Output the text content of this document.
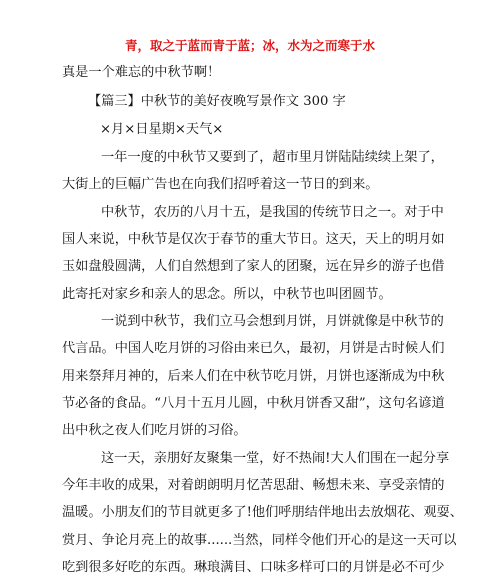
青，取之于蓝而青于蓝；冰，水为之而寒于水
真是一个难忘的中秋节啊！
【篇三】中秋节的美好夜晚写景作文 300 字
×月×日星期×天气×
一年一度的中秋节又要到了，超市里月饼陆陆续续上架了，
大街上的巨幅广告也在向我们招呼着这一节日的到来。
中秋节，农历的八月十五，是我国的传统节日之一。对于中
国人来说，中秋节是仅次于春节的重大节日。这天，天上的明月如
玉如盘般圆满，人们自然想到了家人的团聚，远在异乡的游子也借
此寄托对家乡和亲人的思念。所以，中秋节也叫团圆节。
一说到中秋节，我们立马会想到月饼，月饼就像是中秋节的
代言品。中国人吃月饼的习俗由来已久，最初，月饼是古时候人们
用来祭拜月神的，后来人们在中秋节吃月饼，月饼也逐渐成为中秋
节必备的食品。“八月十五月儿圆，中秋月饼香又甜”，这句名谚道
出中秋之夜人们吃月饼的习俗。
这一天，亲朋好友聚集一堂，好不热闹!大人们围在一起分享
今年丰收的成果，对着朗朗明月忆苦思甜、畅想未来、享受亲情的
温暖。小朋友们的节目就更多了!他们呼朋结伴地出去放烟花、观耍、
赏月、争论月亮上的故事......当然，同样令他们开心的是这一天可以
吃到很多好吃的东西。琳琅满目、口味多样可口的月饼是必不可少
